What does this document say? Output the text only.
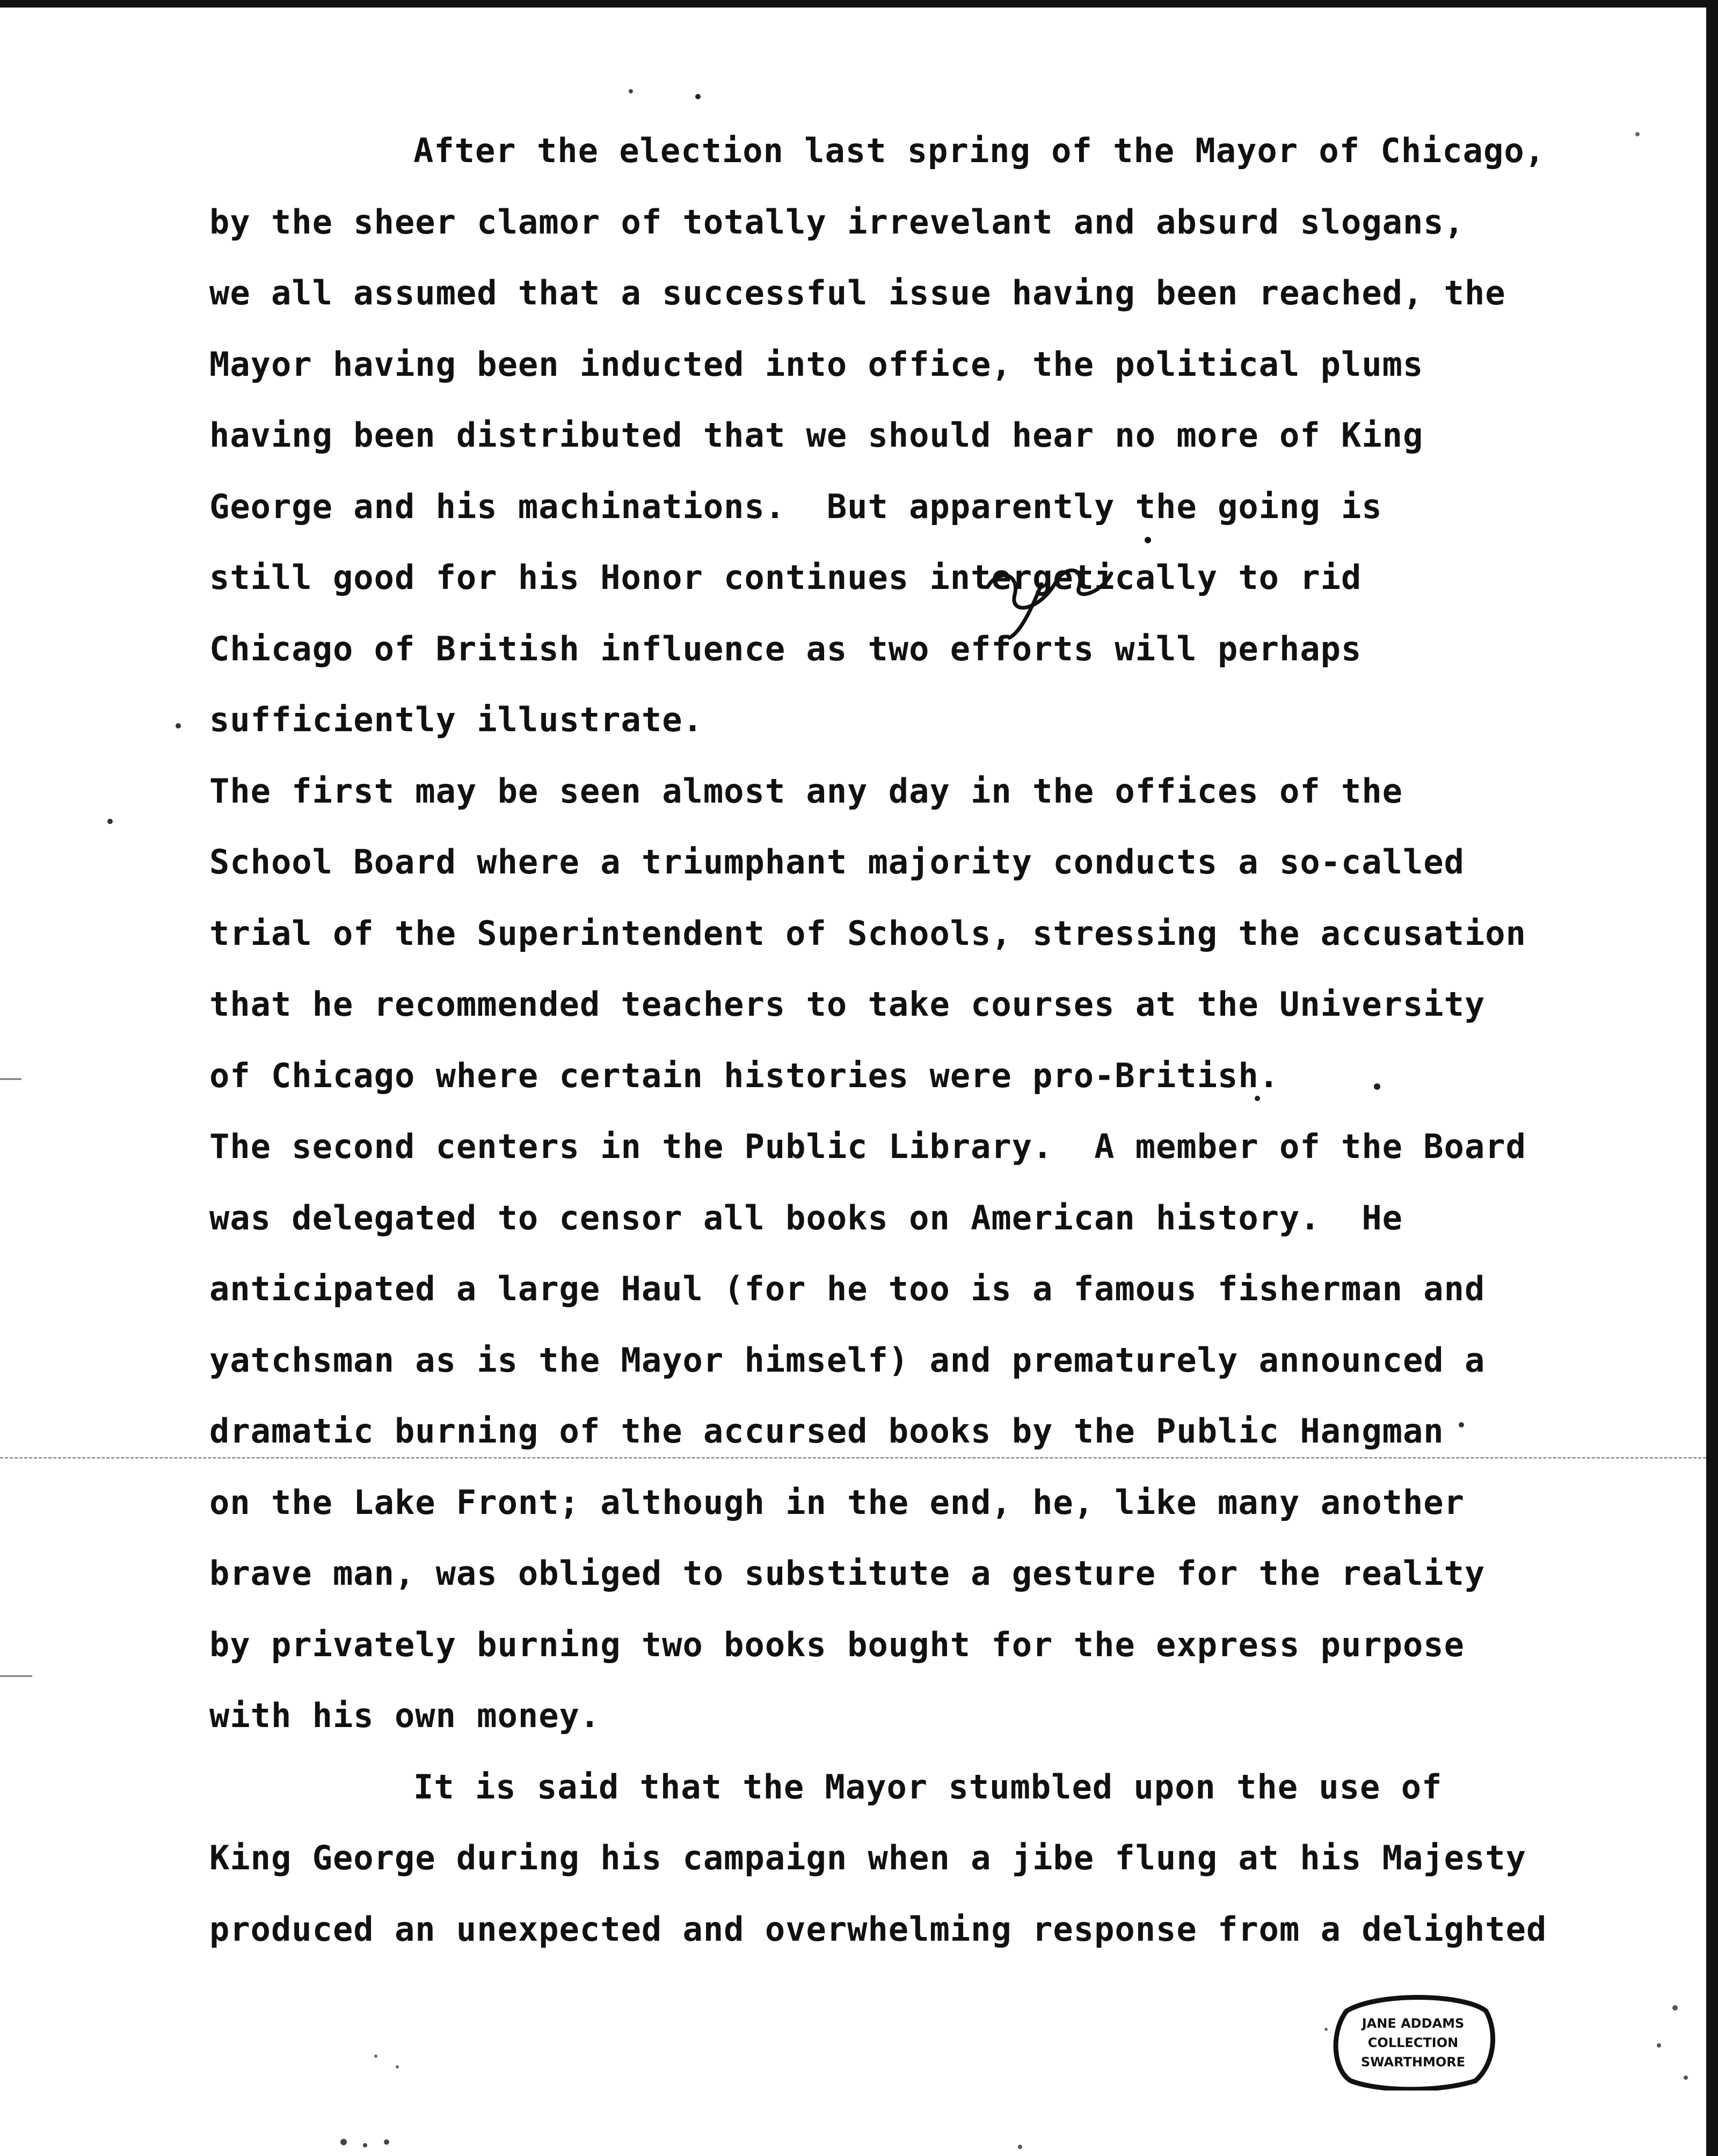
After the election last spring of the Mayor of Chicago,
by the sheer clamor of totally irrevelant and absurd slogans,
we all assumed that a successful issue having been reached, the
Mayor having been inducted into office, the political plums
having been distributed that we should hear no more of King
George and his machinations.  But apparently the going is
still good for his Honor continues intergetically to rid
Chicago of British influence as two efforts will perhaps
sufficiently illustrate.
The first may be seen almost any day in the offices of the
School Board where a triumphant majority conducts a so-called
trial of the Superintendent of Schools, stressing the accusation
that he recommended teachers to take courses at the University
of Chicago where certain histories were pro-British.
The second centers in the Public Library.  A member of the Board
was delegated to censor all books on American history.  He
anticipated a large Haul (for he too is a famous fisherman and
yatchsman as is the Mayor himself) and prematurely announced a
dramatic burning of the accursed books by the Public Hangman
on the Lake Front; although in the end, he, like many another
brave man, was obliged to substitute a gesture for the reality
by privately burning two books bought for the express purpose
with his own money.
It is said that the Mayor stumbled upon the use of
King George during his campaign when a jibe flung at his Majesty
produced an unexpected and overwhelming response from a delighted
JANE ADDAMS
COLLECTION
SWARTHMORE
